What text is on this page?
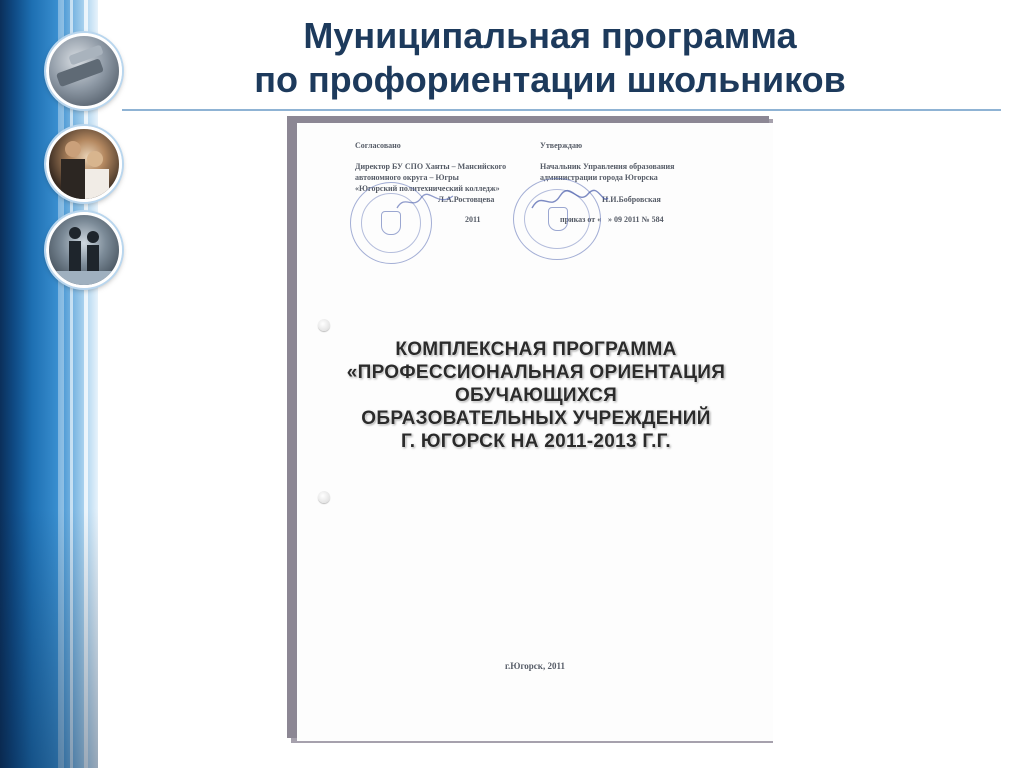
Муниципальная программа
по профориентации школьников
Согласовано
Директор БУ СПО Ханты – Мансийского
автономного округа – Югры
«Югорский политехнический колледж»
Л.А.Ростовцева
2011
Утверждаю
Начальник Управления образования
администрации города Югорска
Н.И.Бобровская
приказ от « » 09 2011 № 584
КОМПЛЕКСНАЯ ПРОГРАММА
«ПРОФЕССИОНАЛЬНАЯ ОРИЕНТАЦИЯ
ОБУЧАЮЩИХСЯ
ОБРАЗОВАТЕЛЬНЫХ УЧРЕЖДЕНИЙ
Г. ЮГОРСК НА 2011-2013 Г.Г.
г.Югорск, 2011
